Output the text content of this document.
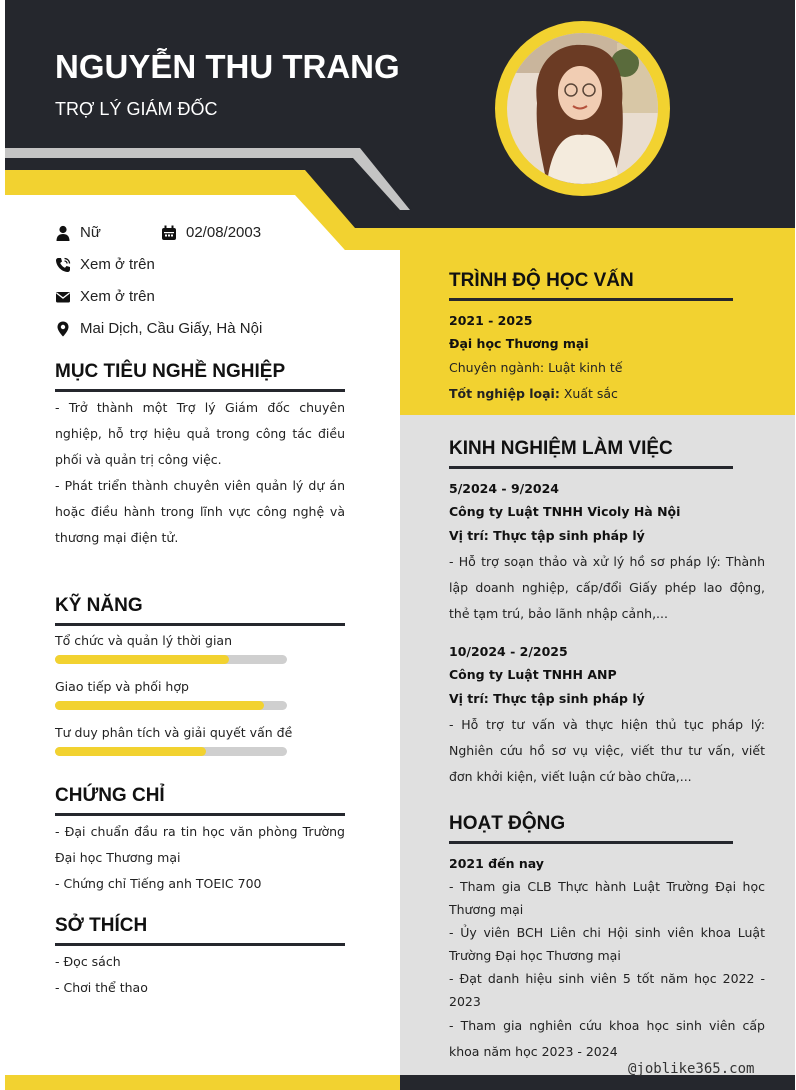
NGUYỄN THU TRANG

TRỢ LÝ GIÁM ĐỐC

Nữ	02/08/2003
Xem ở trên
Xem ở trên
Mai Dịch, Cầu Giấy, Hà Nội
MỤC TIÊU NGHỀ NGHIỆP

- Trở thành một Trợ lý Giám đốc chuyên nghiệp, hỗ trợ hiệu quả trong công tác điều phối và quản trị công việc.

- Phát triển thành chuyên viên quản lý dự án hoặc điều hành trong lĩnh vực công nghệ và thương mại điện tử.

KỸ NĂNG
Tổ chức và quản lý thời gian
Giao tiếp và phối hợp
Tư duy phân tích và giải quyết vấn đề
CHỨNG CHỈ

- Đại chuẩn đầu ra tin học văn phòng Trường Đại học Thương mại

- Chứng chỉ Tiếng anh TOEIC 700

SỞ THÍCH

- Đọc sách

- Chơi thể thao

TRÌNH ĐỘ HỌC VẤN

2021 - 2025

Đại học Thương mại

Chuyên ngành: Luật kinh tế

Tốt nghiệp loại: Xuất sắc

KINH NGHIỆM LÀM VIỆC

5/2024 - 9/2024

Công ty Luật TNHH Vicoly Hà Nội

Vị trí: Thực tập sinh pháp lý

- Hỗ trợ soạn thảo và xử lý hồ sơ pháp lý: Thành lập doanh nghiệp, cấp/đổi Giấy phép lao động, thẻ tạm trú, bảo lãnh nhập cảnh,...

10/2024 - 2/2025

Công ty Luật TNHH ANP

Vị trí: Thực tập sinh pháp lý

- Hỗ trợ tư vấn và thực hiện thủ tục pháp lý: Nghiên cứu hồ sơ vụ việc, viết thư tư vấn, viết đơn khởi kiện, viết luận cứ bào chữa,...

HOẠT ĐỘNG

2021 đến nay

- Tham gia CLB Thực hành Luật Trường Đại học Thương mại

- Ủy viên BCH Liên chi Hội sinh viên khoa Luật Trường Đại học Thương mại

- Đạt danh hiệu sinh viên 5 tốt năm học 2022 - 2023

- Tham gia nghiên cứu khoa học sinh viên cấp khoa năm học 2023 - 2024

@joblike365.com
